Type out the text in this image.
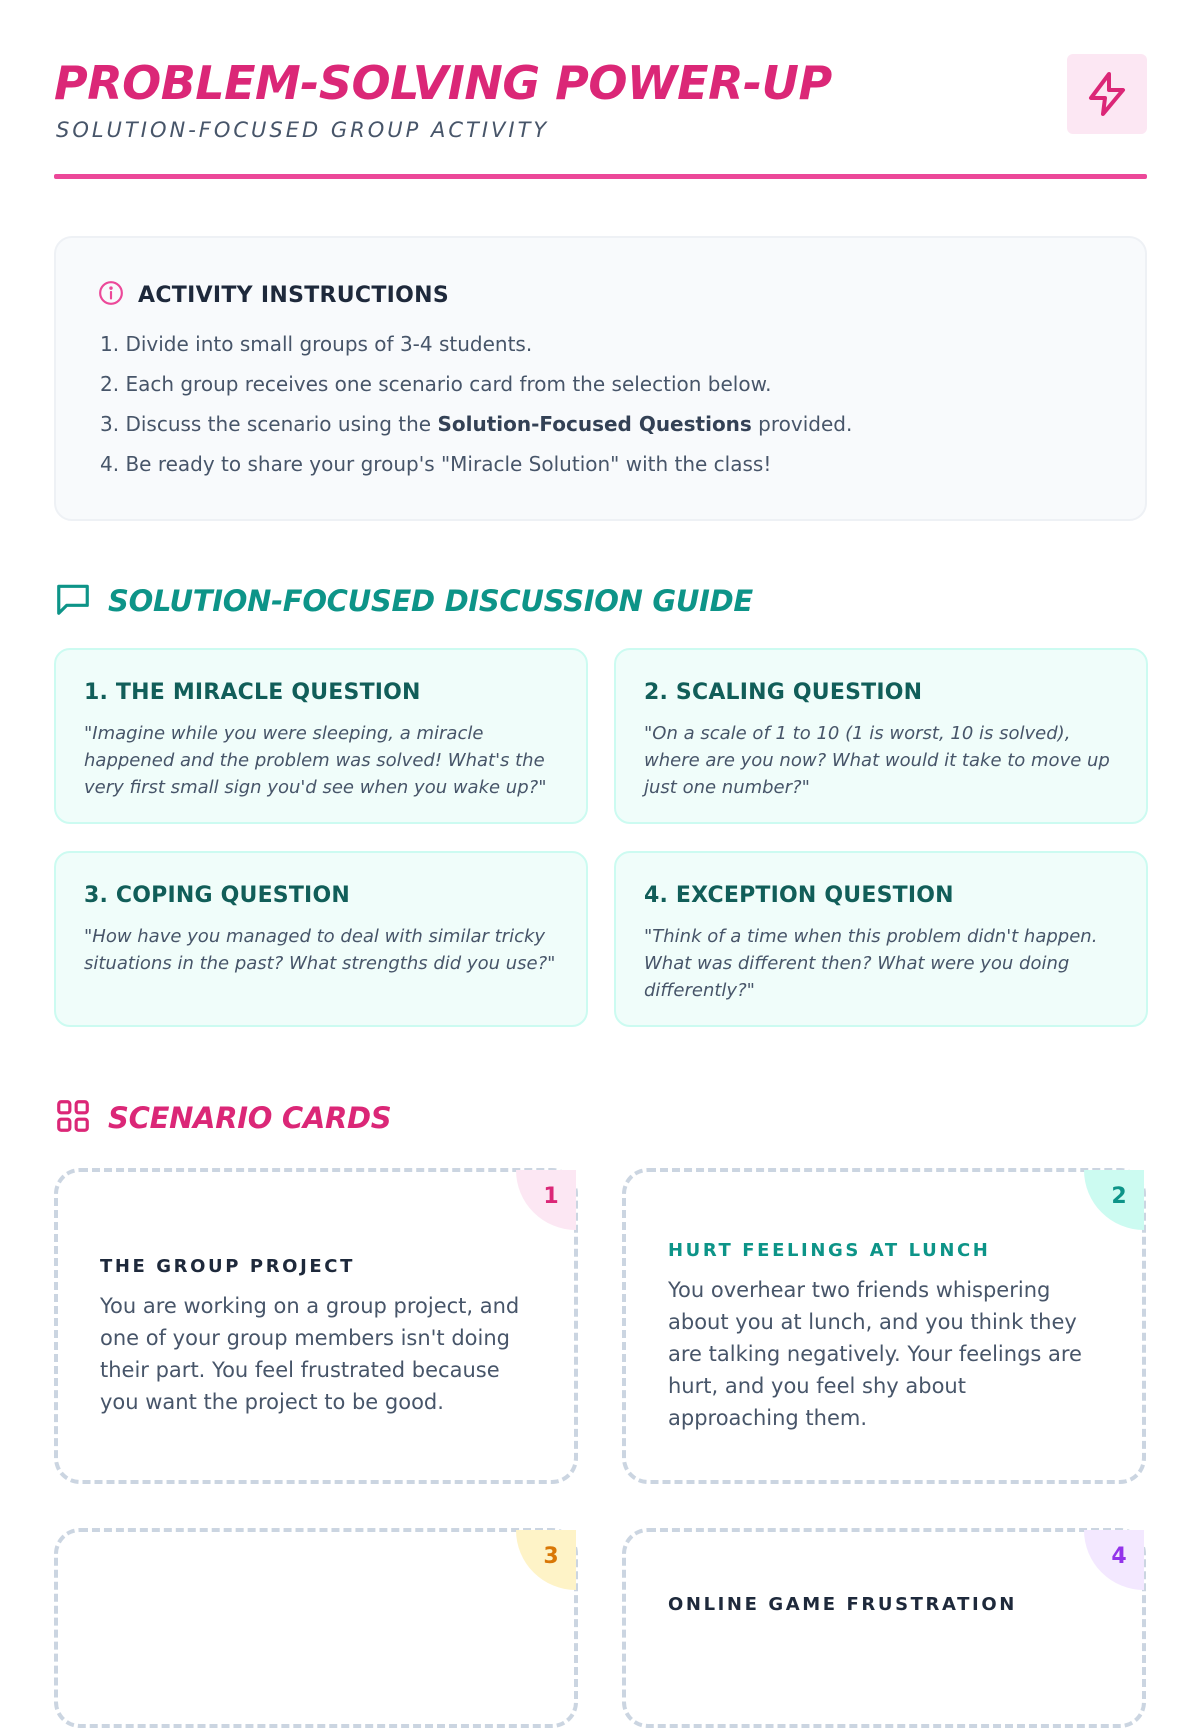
PROBLEM-SOLVING POWER-UP
SOLUTION-FOCUSED GROUP ACTIVITY
ACTIVITY INSTRUCTIONS
1. Divide into small groups of 3-4 students.
2. Each group receives one scenario card from the selection below.
3. Discuss the scenario using the Solution-Focused Questions provided.
4. Be ready to share your group's "Miracle Solution" with the class!
SOLUTION-FOCUSED DISCUSSION GUIDE
1. THE MIRACLE QUESTION
"Imagine while you were sleeping, a miracle happened and the problem was solved! What's the very first small sign you'd see when you wake up?"
2. SCALING QUESTION
"On a scale of 1 to 10 (1 is worst, 10 is solved), where are you now? What would it take to move up just one number?"
3. COPING QUESTION
"How have you managed to deal with similar tricky situations in the past? What strengths did you use?"
4. EXCEPTION QUESTION
"Think of a time when this problem didn't happen. What was different then? What were you doing differently?"
SCENARIO CARDS
1
THE GROUP PROJECT
You are working on a group project, and one of your group members isn't doing their part. You feel frustrated because you want the project to be good.
2
HURT FEELINGS AT LUNCH
You overhear two friends whispering about you at lunch, and you think they are talking negatively. Your feelings are hurt, and you feel shy about approaching them.
3	4
ONLINE GAME FRUSTRATION
